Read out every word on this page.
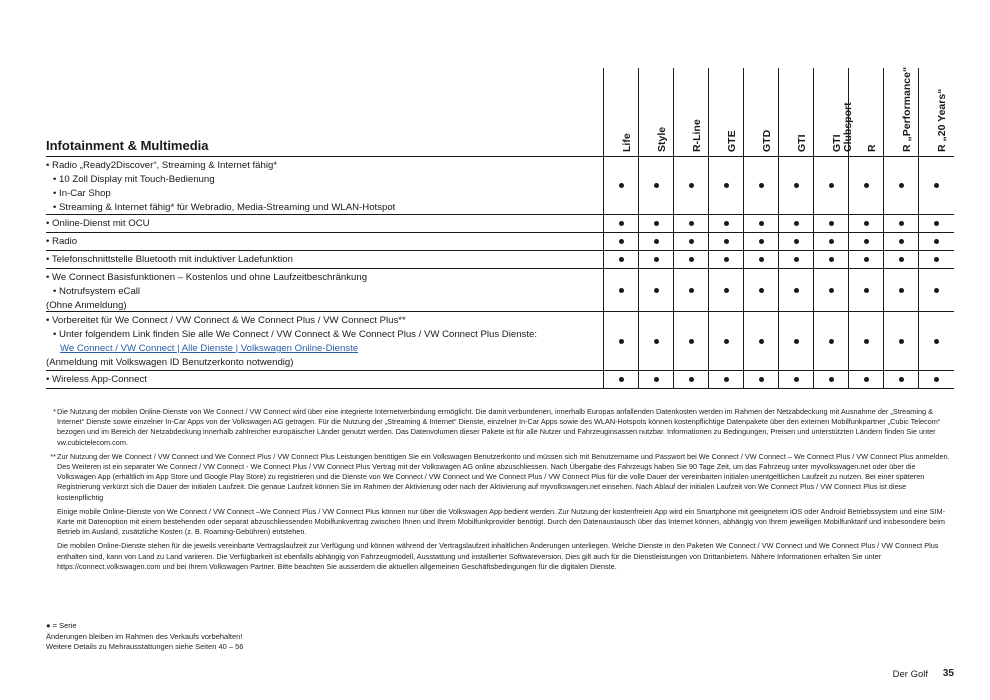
Infotainment & Multimedia	Life Style R-Line GTE GTD GTI GTI
Clubsport R R „Performance“ R „20 Years“
• Radio „Ready2Discover“, Streaming & Internet fähig*
• 10 Zoll Display mit Touch-Bedienung
• In-Car Shop
• Streaming & Internet fähig* für Webradio, Media-Streaming und WLAN-Hotspot
• Online-Dienst mit OCU
• Radio
• Telefonschnittstelle Bluetooth mit induktiver Ladefunktion
• We Connect Basisfunktionen – Kostenlos und ohne Laufzeitbeschränkung
• Notrufsystem eCall
(Ohne Anmeldung)
• Vorbereitet für We Connect / VW Connect & We Connect Plus / VW Connect Plus**
• Unter folgendem Link finden Sie alle We Connect / VW Connect & We Connect Plus / VW Connect Plus Dienste:
We Connect / VW Connect | Alle Dienste | Volkswagen Online-Dienste
(Anmeldung mit Volkswagen ID Benutzerkonto notwendig)
• Wireless App-Connect
* Die Nutzung der mobilen Online-Dienste von We Connect / VW Connect wird über eine integrierte Internetverbindung ermöglicht. Die damit verbundenen, innerhalb Europas anfallenden Datenkosten werden im Rahmen der Netzabdeckung mit Ausnahme der „Streaming & Internet“ Dienste sowie einzelner In-Car Apps von der Volkswagen AG getragen. Für die Nutzung der „Streaming & Internet“ Dienste, einzelner In-Car Apps sowie des WLAN-Hotspots können kostenpflichtige Datenpakete über den externen Mobilfunkpartner „Cubic Telecom“ bezogen und im Bereich der Netzabdeckung innerhalb zahlreicher europäischer Länder genutzt werden. Das Datenvolumen dieser Pakete ist für alle Nutzer und Fahrzeuginsassen nutzbar. Informationen zu Bedingungen, Preisen und unterstützten Ländern finden Sie unter vw.cubictelecom.com.
** Zur Nutzung der We Connect / VW Connect und We Connect Plus / VW Connect Plus Leistungen benötigen Sie ein Volkswagen Benutzerkonto und müssen sich mit Benutzername und Passwort bei We Connect / VW Connect – We Connect Plus / VW Connect Plus anmelden. Des Weiteren ist ein separater We Connect / VW Connect - We Connect Plus / VW Connect Plus Vertrag mit der Volkswagen AG online abzuschliessen. Nach Übergabe des Fahrzeugs haben Sie 90 Tage Zeit, um das Fahrzeug unter myvolkswagen.net oder über die Volkswagen App (erhältlich im App Store und Google Play Store) zu registrieren und die Dienste von We Connect / VW Connect und We Connect Plus / VW Connect Plus für die volle Dauer der vereinbarten initialen unentgeltlichen Laufzeit zu nutzen. Bei einer späteren Registrierung verkürzt sich die Dauer der initialen Laufzeit. Die genaue Laufzeit können Sie im Rahmen der Aktivierung oder nach der Aktivierung auf myvolkswagen.net einsehen. Nach Ablauf der initialen Laufzeit von We Connect Plus / VW Connect Plus ist diese kostenpflichtig
Einige mobile Online-Dienste von We Connect / VW Connect –We Connect Plus / VW Connect Plus können nur über die Volkswagen App bedient werden. Zur Nutzung der kostenfreien App wird ein Smartphone mit geeignetem iOS oder Android Betriebssystem und eine SIM-Karte mit Datenoption mit einem bestehenden oder separat abzuschliessenden Mobilfunkvertrag zwischen Ihnen und Ihrem Mobilfunkprovider benötigt. Durch den Datenaustausch über das Internet können, abhängig von Ihrem jeweiligen Mobilfunktarif und insbesondere beim Betrieb im Ausland, zusätzliche Kosten (z. B. Roaming-Gebühren) entstehen.
Die mobilen Online-Dienste stehen für die jeweils vereinbarte Vertragslaufzeit zur Verfügung und können während der Vertragslaufzeit inhaltlichen Änderungen unterliegen. Welche Dienste in den Paketen We Connect / VW Connect und We Connect Plus / VW Connect Plus enthalten sind, kann von Land zu Land variieren. Die Verfügbarkeit ist ebenfalls abhängig von Fahrzeugmodell, Ausstattung und installierter Softwareversion. Dies gilt auch für die Dienstleistungen von Drittanbietern. Nähere Informationen erhalten Sie unter https://connect.volkswagen.com und bei Ihrem Volkswagen Partner. Bitte beachten Sie ausserdem die aktuellen allgemeinen Geschäftsbedingungen für die digitalen Dienste.
● = Serie
Änderungen bleiben im Rahmen des Verkaufs vorbehalten!
Weitere Details zu Mehrausstattungen siehe Seiten 40 – 56
Der Golf 35
